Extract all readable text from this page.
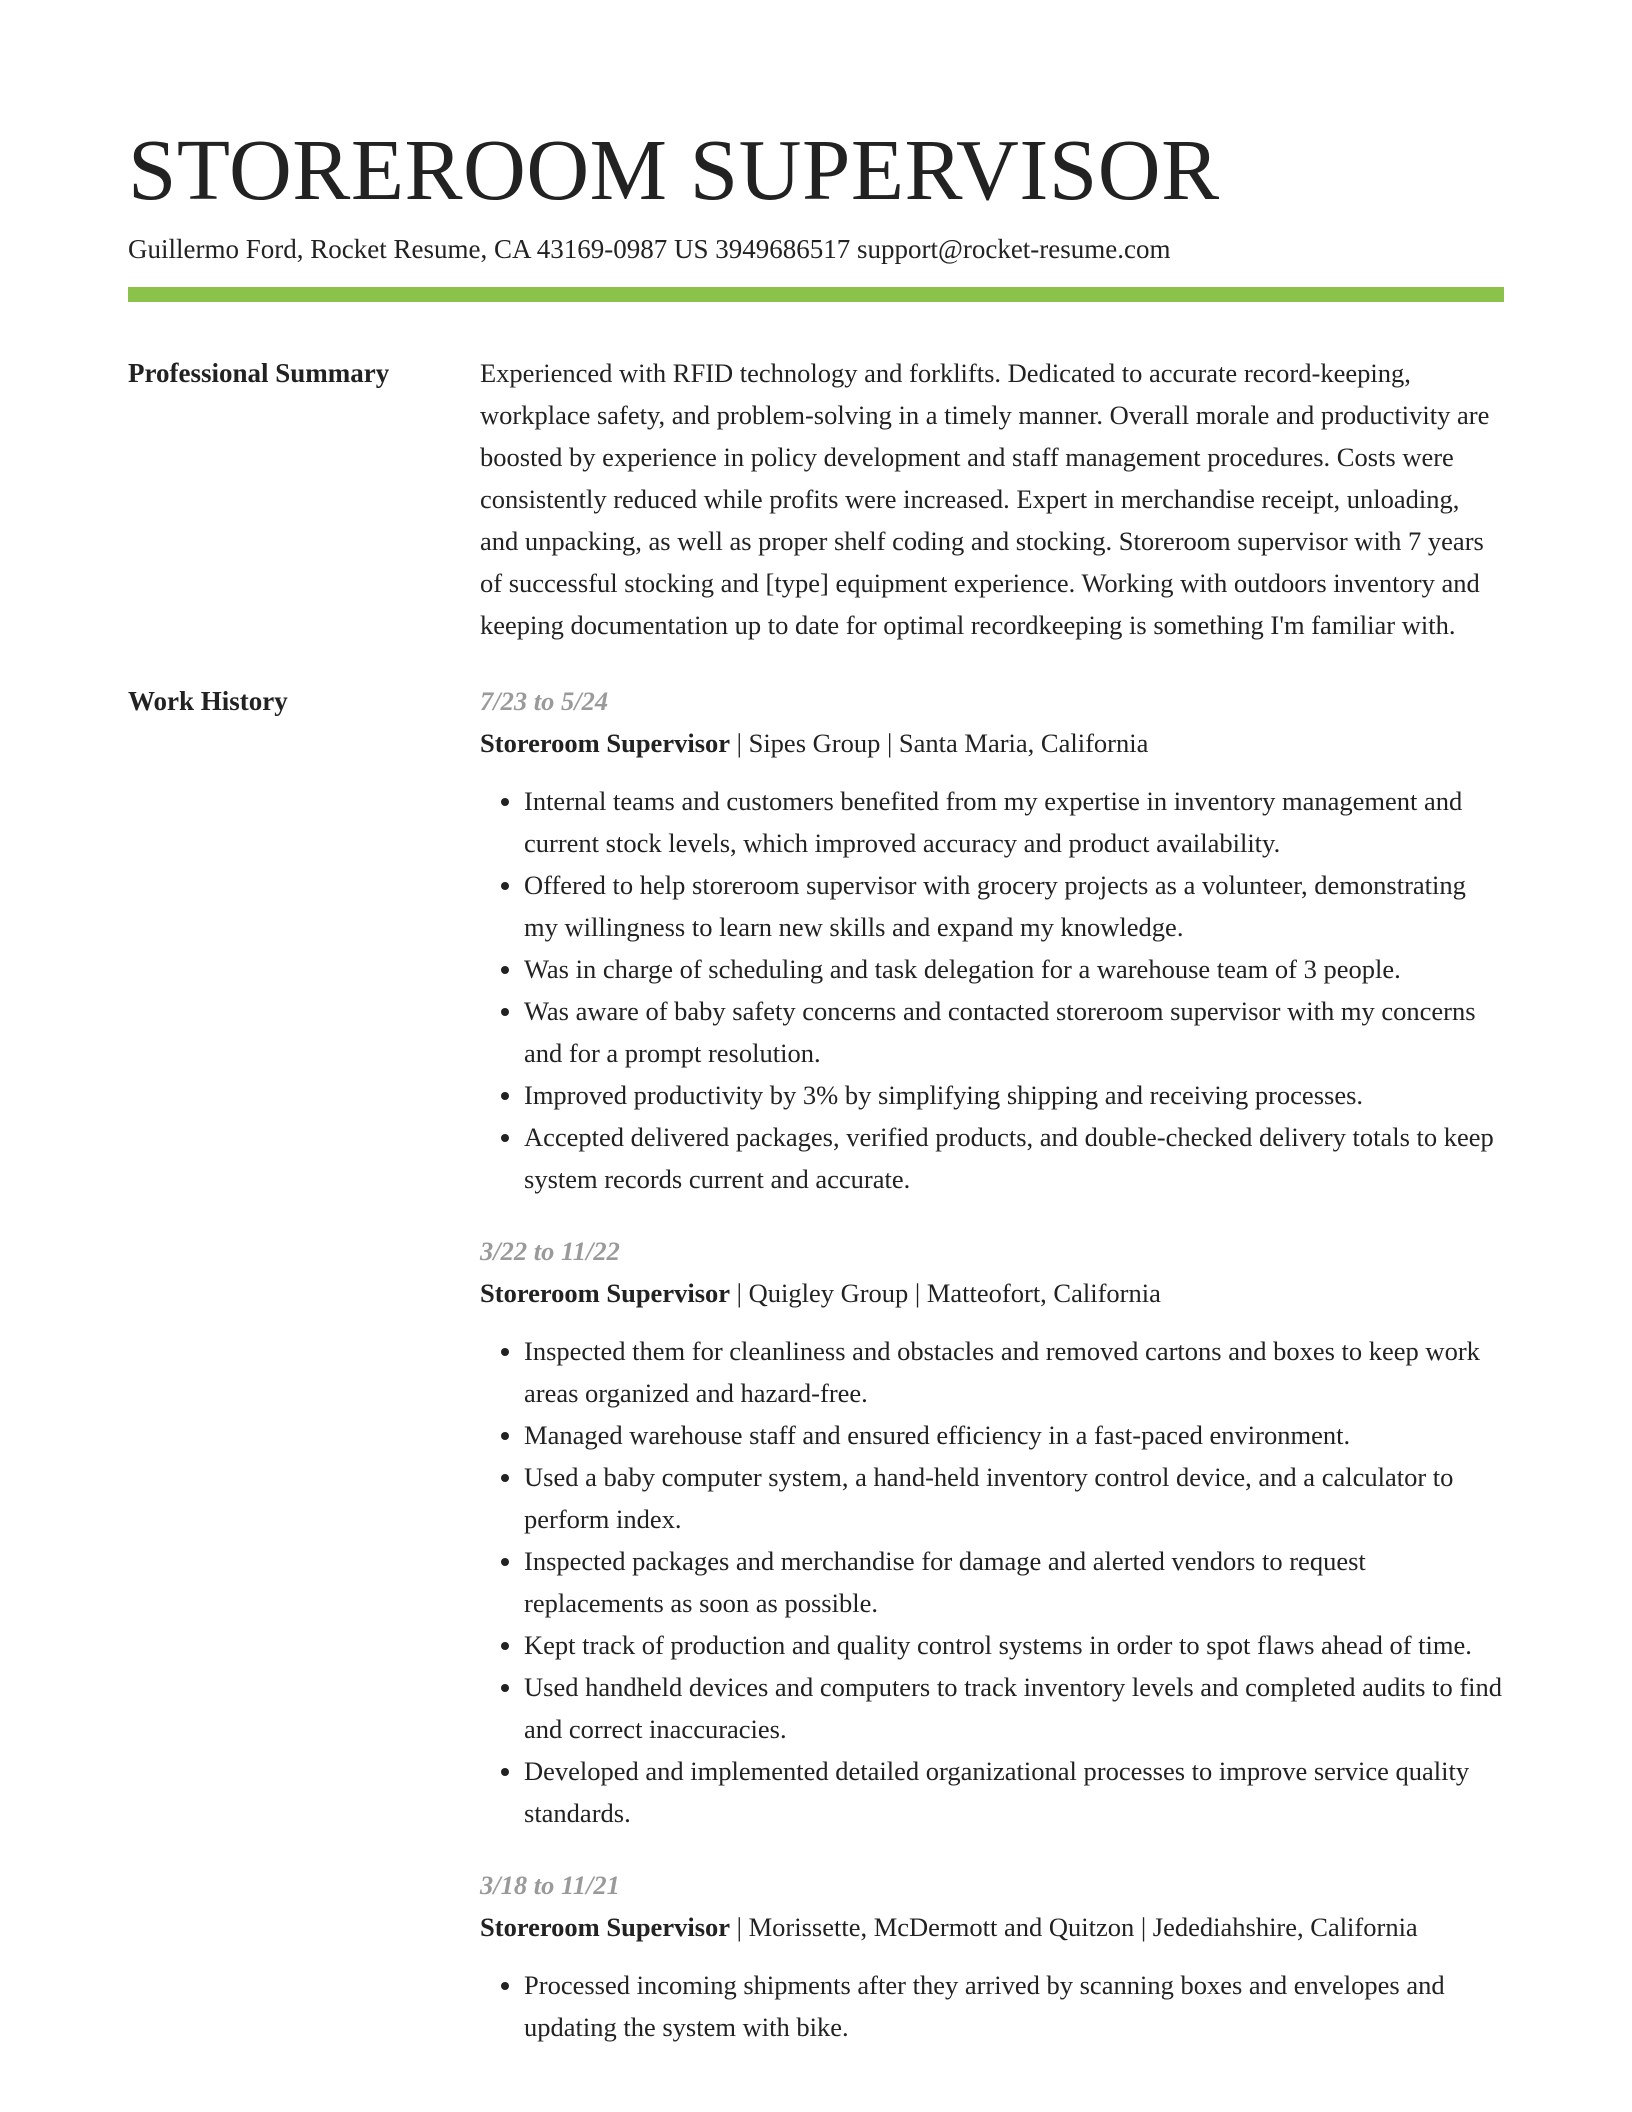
STOREROOM SUPERVISOR
Guillermo Ford, Rocket Resume, CA 43169-0987 US 3949686517 support@rocket-resume.com
Professional Summary	Experienced with RFID technology and forklifts. Dedicated to accurate record-keeping, workplace safety, and problem-solving in a timely manner. Overall morale and productivity are boosted by experience in policy development and staff management procedures. Costs were consistently reduced while profits were increased. Expert in merchandise receipt, unloading, and unpacking, as well as proper shelf coding and stocking. Storeroom supervisor with 7 years of successful stocking and [type] equipment experience. Working with outdoors inventory and keeping documentation up to date for optimal recordkeeping is something I'm familiar with.

Work History	7/23 to 5/24
Storeroom Supervisor | Sipes Group | Santa Maria, California
• Internal teams and customers benefited from my expertise in inventory management and current stock levels, which improved accuracy and product availability.
• Offered to help storeroom supervisor with grocery projects as a volunteer, demonstrating my willingness to learn new skills and expand my knowledge.
• Was in charge of scheduling and task delegation for a warehouse team of 3 people.
• Was aware of baby safety concerns and contacted storeroom supervisor with my concerns and for a prompt resolution.
• Improved productivity by 3% by simplifying shipping and receiving processes.
• Accepted delivered packages, verified products, and double-checked delivery totals to keep system records current and accurate.
3/22 to 11/22
Storeroom Supervisor | Quigley Group | Matteofort, California
• Inspected them for cleanliness and obstacles and removed cartons and boxes to keep work areas organized and hazard-free.
• Managed warehouse staff and ensured efficiency in a fast-paced environment.
• Used a baby computer system, a hand-held inventory control device, and a calculator to perform index.
• Inspected packages and merchandise for damage and alerted vendors to request replacements as soon as possible.
• Kept track of production and quality control systems in order to spot flaws ahead of time.
• Used handheld devices and computers to track inventory levels and completed audits to find and correct inaccuracies.
• Developed and implemented detailed organizational processes to improve service quality standards.
3/18 to 11/21
Storeroom Supervisor | Morissette, McDermott and Quitzon | Jedediahshire, California
• Processed incoming shipments after they arrived by scanning boxes and envelopes and updating the system with bike.
